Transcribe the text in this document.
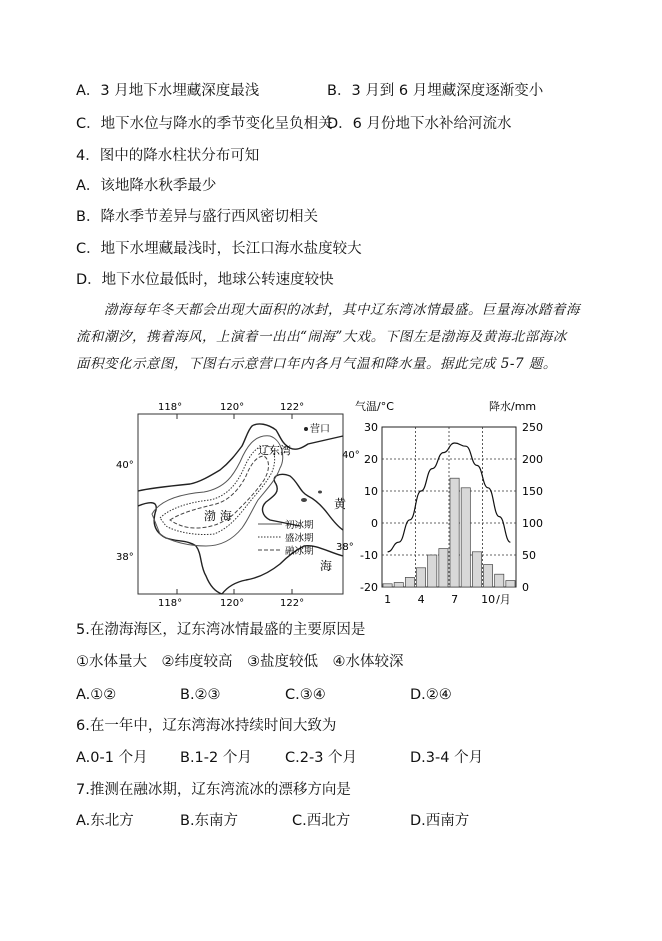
A．3 月地下水埋藏深度最浅	B．3 月到 6 月埋藏深度逐渐变小
C．地下水位与降水的季节变化呈负相关
D．6 月份地下水补给河流水
4．图中的降水柱状分布可知
A．该地降水秋季最少
B．降水季节差异与盛行西风密切相关
C．地下水埋藏最浅时，长江口海水盐度较大
D．地下水位最低时，地球公转速度较快
渤海每年冬天都会出现大面积的冰封，其中辽东湾冰情最盛。巨量海冰踏着海
流和潮汐，携着海风，上演着一出出“闹海”大戏。下图左是渤海及黄海北部海冰
面积变化示意图，下图右示意营口年内各月气温和降水量。据此完成 5-7 题。
118°	120°	122°
118°	120°	122°
40°
38°
40°
38°
辽东湾
营口
渤 海
黄
海
初冰期
盛冰期
融冰期
气温/°C	降水/mm
30
20
10
0
-10
-20
250
200
150
100
50
0
1 4 7 10 /月
5.在渤海海区，辽东湾冰情最盛的主要原因是
①水体量大　②纬度较高　③盐度较低　④水体较深
A.①②	B.②③	C.③④	D.②④
6.在一年中，辽东湾海冰持续时间大致为
A.0-1 个月 B.1-2 个月 C.2-3 个月	D.3-4 个月
7.推测在融冰期，辽东湾流冰的漂移方向是
A.东北方	B.东南方	C.西北方	D.西南方
